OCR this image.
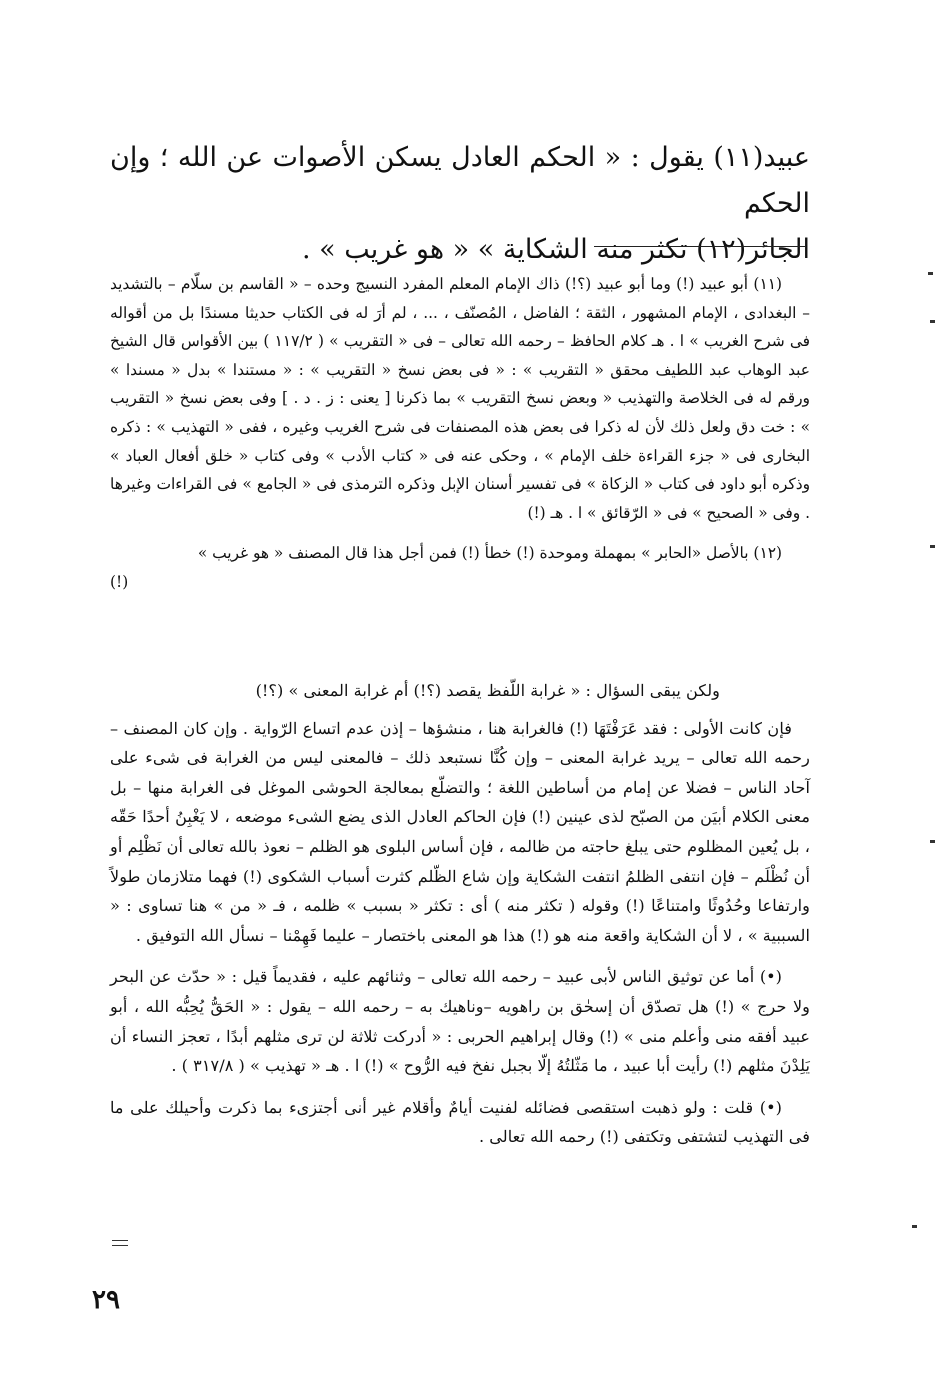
عبيد(١١) يقول : « الحكم العادل يسكن الأصوات عن الله ؛ وإن الحكم
الجائر(١٢) تكثر منه الشكاية » « هو غريب » .

(١١) أبو عبيد (!) وما أبو عبيد (؟!) ذاك الإمام المعلم المفرد النسيج وحده – « القاسم بن سلّام – بالتشديد – البغدادى ، الإمام المشهور ، الثقة ؛ الفاضل ، المُصنّف ، ... ، لم أرَ له فى الكتاب حديثا مسندًا بل من أقواله فى شرح الغريب » ا . هـ كلام الحافظ – رحمه الله تعالى – فى « التقريب » ( ١١٧/٢ ) بين الأقواس قال الشيخ عبد الوهاب عبد اللطيف محقق « التقريب » : « فى بعض نسخ « التقريب » : « مستندا » بدل « مسندا » ورقم له فى الخلاصة والتهذيب « وبعض نسخ التقريب » بما ذكرنا [ يعنى : ز . د . ] وفى بعض نسخ « التقريب » : خت دق ولعل ذلك لأن له ذكرا فى بعض هذه المصنفات فى شرح الغريب وغيره ، ففى « التهذيب » : ذكره البخارى فى « جزء القراءة خلف الإمام » ، وحكى عنه فى « كتاب الأدب » وفى كتاب « خلق أفعال العباد » وذكره أبو داود فى كتاب « الزكاة » فى تفسير أسنان الإبل وذكره الترمذى فى « الجامع » فى القراءات وغيرها . وفى « الصحيح » فى « الرّقائق » ا . هـ (!)

(١٢) بالأصل «الحابر » بمهملة وموحدة (!) خطأ (!) فمن أجل هذا قال المصنف « هو غريب »

(!)

ولكن يبقى السؤال : « غرابة اللّفظ يقصد (؟!) أم غرابة المعنى » (؟!)

فإن كانت الأولى : فقد عَرَفْتَهَا (!) فالغرابة هنا ، منشؤها – إذن عدم اتساع الرّواية . وإن كان المصنف – رحمه الله تعالى – يريد غرابة المعنى – وإن كُنَّا نستبعد ذلك – فالمعنى ليس من الغرابة فى شىء على آحاد الناس – فضلا عن إمام من أساطين اللغة ؛ والتضلّع بمعالجة الحوشى الموغل فى الغرابة منها – بل معنى الكلام أبيَن من الصبّح لذى عينين (!) فإن الحاكم العادل الذى يضع الشىء موضعه ، لا يَغْبِنُ أحدًا حَقّه ، بل يُعين المظلوم حتى يبلغ حاجته من ظالمه ، فإن أساس البلوى هو الظلم – نعوذ بالله تعالى أن نَظْلِم أو أن نُظْلَم – فإن انتفى الظلمُ انتفت الشكاية وإن شاع الظّلم كثرت أسباب الشكوى (!) فهما متلازمان طولاً وارتفاعا وحُدُوثًا وامتناعًا (!) وقوله ( تكثر منه ) أى : تكثر « بسبب » ظلمه ، فـ « من » هنا تساوى : « السببية » ، لا أن الشكاية واقعة منه هو (!) هذا هو المعنى باختصار – عليما فَهِمْنا – نسأل الله التوفيق .

(•) أما عن توثيق الناس لأبى عبيد – رحمه الله تعالى – وثنائهم عليه ، فقديماً قيل : « حدّث عن البحر ولا حرج » (!) هل تصدّق أن إسحٰق بن راهويه –وناهيك به – رحمه الله – يقول : « الحَقُّ يُحِبُّه الله ، أبو عبيد أفقه منى وأعلم منى » (!) وقال إبراهيم الحربى : « أدركت ثلاثة لن ترى مثلهم أبدًا ، تعجز النساء أن يَلِدْنَ مثلهم (!) رأيت أبا عبيد ، ما مَثّلتُهُ إلّا بجبل نفخ فيه الرُّوح » (!) ا . هـ « تهذيب » ( ٣١٧/٨ ) .

(•) قلت : ولو ذهبت استقصى فضائله لفنيت أيامٌ وأقلام غير أنى أجتزىء بما ذكرت وأحيلك على ما فى التهذيب لتشتفى وتكتفى (!) رحمه الله تعالى .

٢٩
